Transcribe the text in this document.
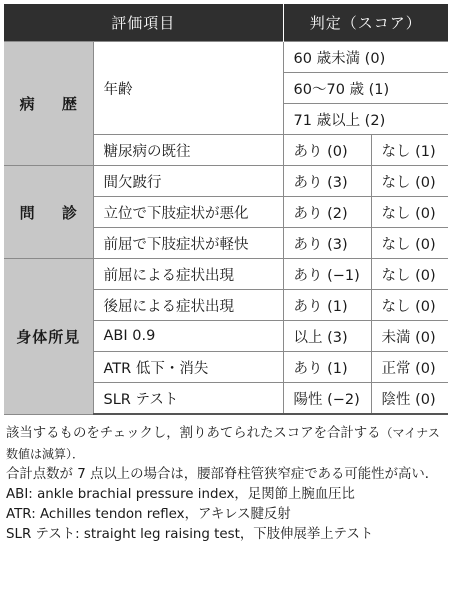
評価項目		判定（スコア）	
病 歴	年齢	60 歳未満 (0)	
		60〜70 歳 (1)	
		71 歳以上 (2)	
	糖尿病の既往	あり (0)	なし (1)
問 診	間欠跛行	あり (3)	なし (0)
	立位で下肢症状が悪化	あり (2)	なし (0)
	前屈で下肢症状が軽快	あり (3)	なし (0)
身体所見	前屈による症状出現	あり (−1)	なし (0)
	後屈による症状出現	あり (1)	なし (0)
	ABI 0.9	以上 (3)	未満 (0)
	ATR 低下・消失	あり (1)	正常 (0)
	SLR テスト	陽性 (−2)	陰性 (0)

該当するものをチェックし，割りあてられたスコアを合計する（マイナス数値は減算）．

合計点数が 7 点以上の場合は，腰部脊柱管狭窄症である可能性が高い．

ABI: ankle brachial pressure index，足関節上腕血圧比

ATR: Achilles tendon reflex，アキレス腱反射

SLR テスト: straight leg raising test，下肢伸展挙上テスト
